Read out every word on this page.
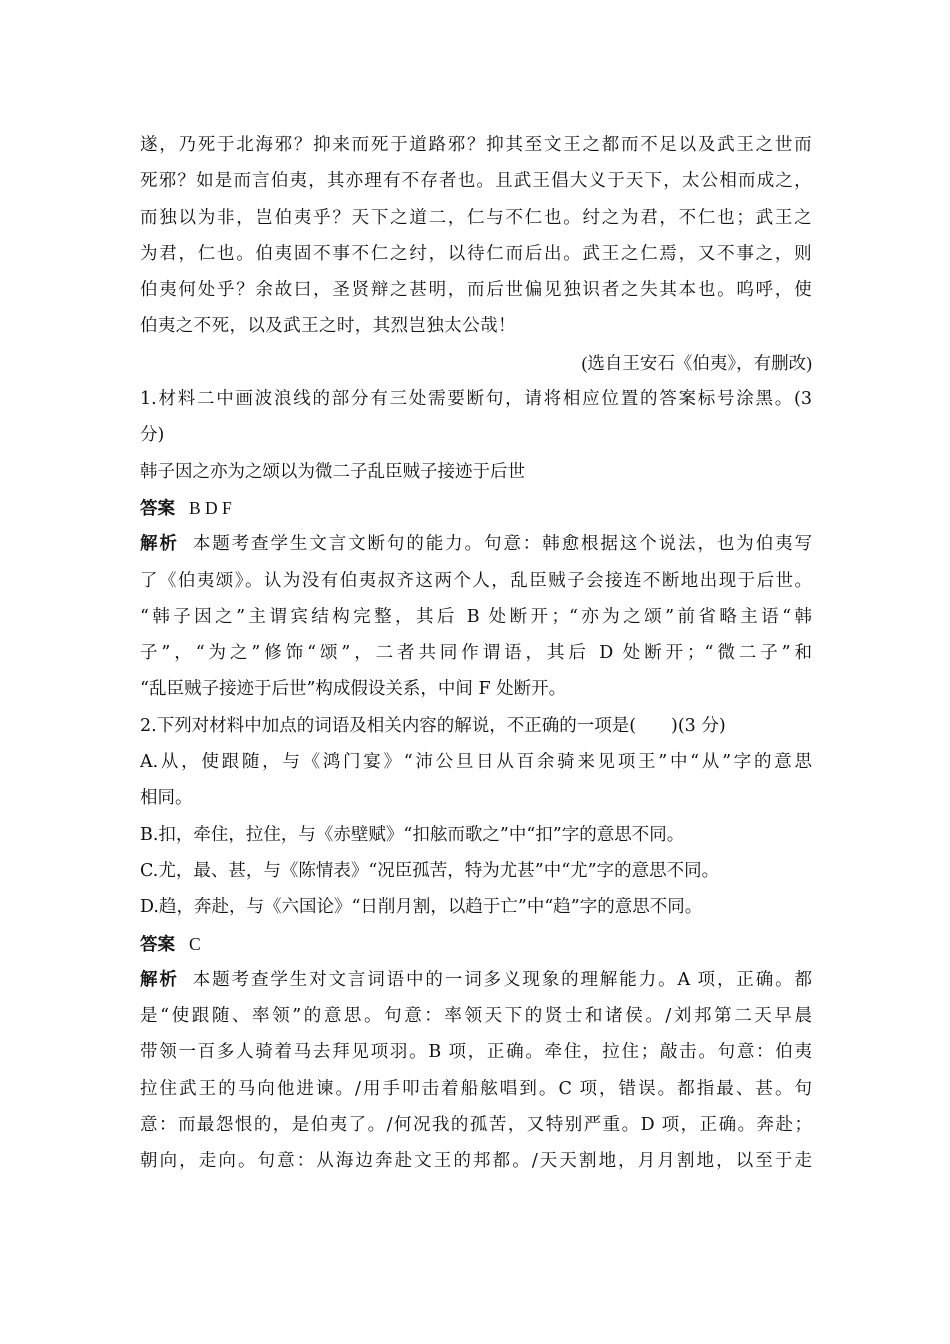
遂，乃死于北海邪？抑来而死于道路邪？抑其至文王之都而不足以及武王之世而

死邪？如是而言伯夷，其亦理有不存者也。且武王倡大义于天下，太公相而成之，

而独以为非，岂伯夷乎？天下之道二，仁与不仁也。纣之为君，不仁也；武王之

为君，仁也。伯夷固不事不仁之纣，以待仁而后出。武王之仁焉，又不事之，则

伯夷何处乎？余故曰，圣贤辩之甚明，而后世偏见独识者之失其本也。呜呼，使

伯夷之不死，以及武王之时，其烈岂独太公哉！

(选自王安石《伯夷》，有删改)

1.材料二中画波浪线的部分有三处需要断句，请将相应位置的答案标号涂黑。(3

分)

韩子因之亦为之颂以为微二子乱臣贼子接迹于后世

答案 B D F

解析 本题考查学生文言文断句的能力。句意：韩愈根据这个说法，也为伯夷写

了《伯夷颂》。认为没有伯夷叔齐这两个人，乱臣贼子会接连不断地出现于后世。

“韩子因之”主谓宾结构完整，其后 B 处断开；“亦为之颂”前省略主语“韩

子”，“为之”修饰“颂”，二者共同作谓语，其后 D 处断开；“微二子”和

“乱臣贼子接迹于后世”构成假设关系，中间 F 处断开。

2.下列对材料中加点的词语及相关内容的解说，不正确的一项是(　　)(3 分)

A.从，使跟随，与《鸿门宴》“沛公旦日从百余骑来见项王”中“从”字的意思

相同。

B.扣，牵住，拉住，与《赤壁赋》“扣舷而歌之”中“扣”字的意思不同。

C.尤，最、甚，与《陈情表》“况臣孤苦，特为尤甚”中“尤”字的意思不同。

D.趋，奔赴，与《六国论》“日削月割，以趋于亡”中“趋”字的意思不同。

答案 C

解析 本题考查学生对文言词语中的一词多义现象的理解能力。A 项，正确。都

是“使跟随、率领”的意思。句意：率领天下的贤士和诸侯。/刘邦第二天早晨

带领一百多人骑着马去拜见项羽。B 项，正确。牵住，拉住；敲击。句意：伯夷

拉住武王的马向他进谏。/用手叩击着船舷唱到。C 项，错误。都指最、甚。句

意：而最怨恨的，是伯夷了。/何况我的孤苦，又特别严重。D 项，正确。奔赴；

朝向，走向。句意：从海边奔赴文王的邦都。/天天割地，月月割地，以至于走
